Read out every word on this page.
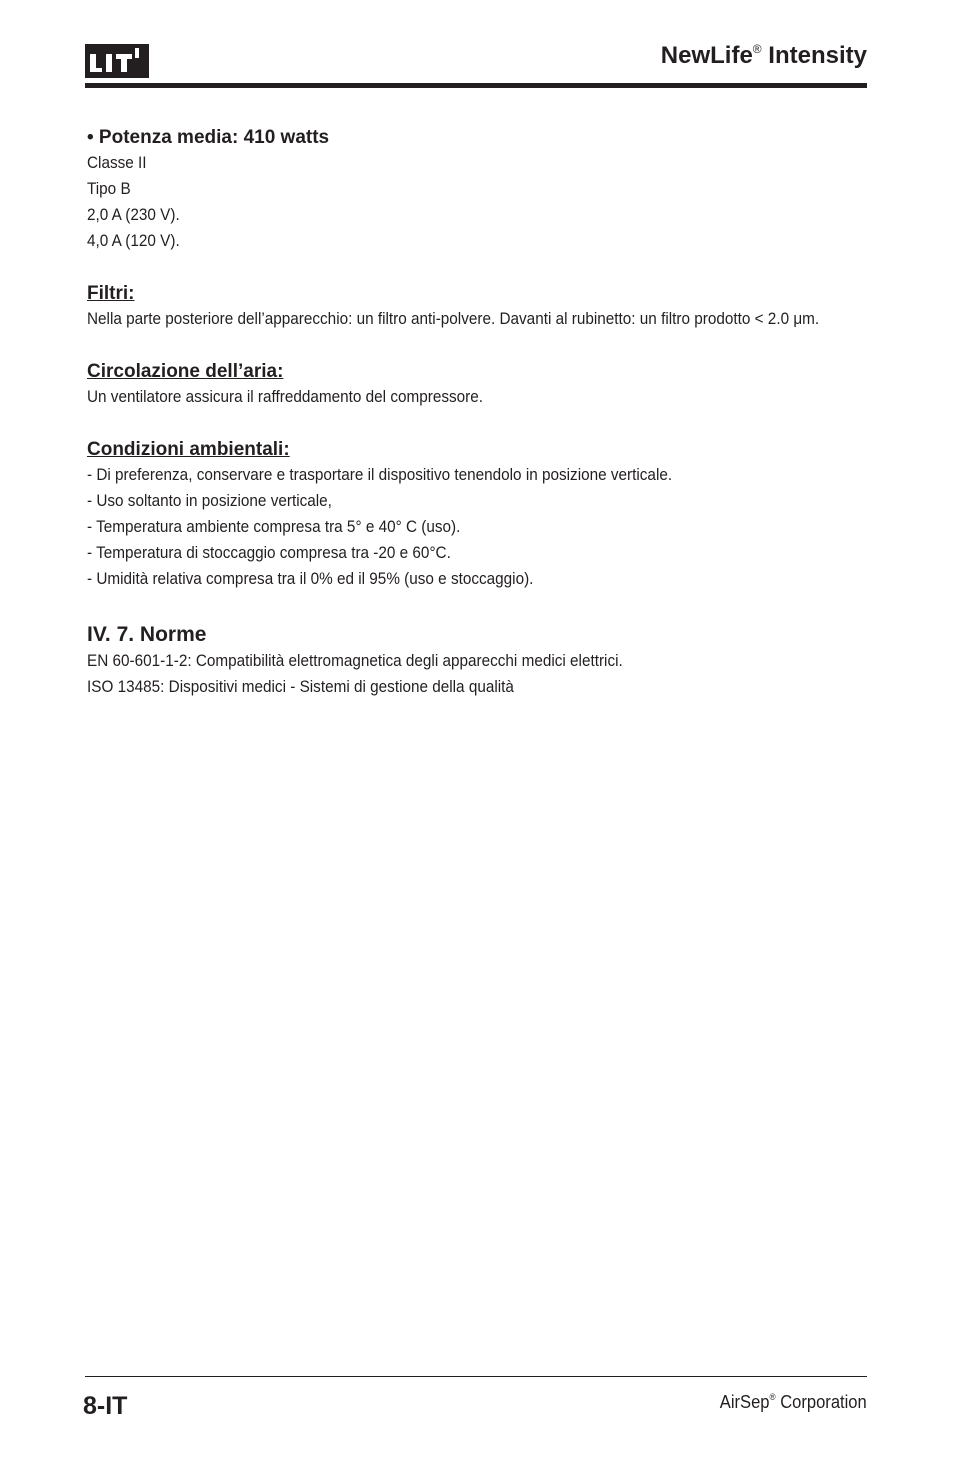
NewLife® Intensity
• Potenza media: 410 watts
Classe II
Tipo B
2,0 A (230 V).
4,0 A (120 V).
Filtri:
Nella parte posteriore dell’apparecchio: un filtro anti-polvere. Davanti al rubinetto: un filtro prodotto < 2.0 μm.
Circolazione dell’aria:
Un ventilatore assicura il raffreddamento del compressore.
Condizioni ambientali:
- Di preferenza, conservare e trasportare il dispositivo tenendolo in posizione verticale.
- Uso soltanto in posizione verticale,
- Temperatura ambiente compresa tra 5° e 40° C (uso).
- Temperatura di stoccaggio compresa tra -20 e 60°C.
- Umidità relativa compresa tra il 0% ed il 95% (uso e stoccaggio).
IV. 7. Norme
EN 60-601-1-2: Compatibilità elettromagnetica degli apparecchi medici elettrici.
ISO 13485: Dispositivi medici - Sistemi di gestione della qualità
8-IT	AirSep® Corporation
